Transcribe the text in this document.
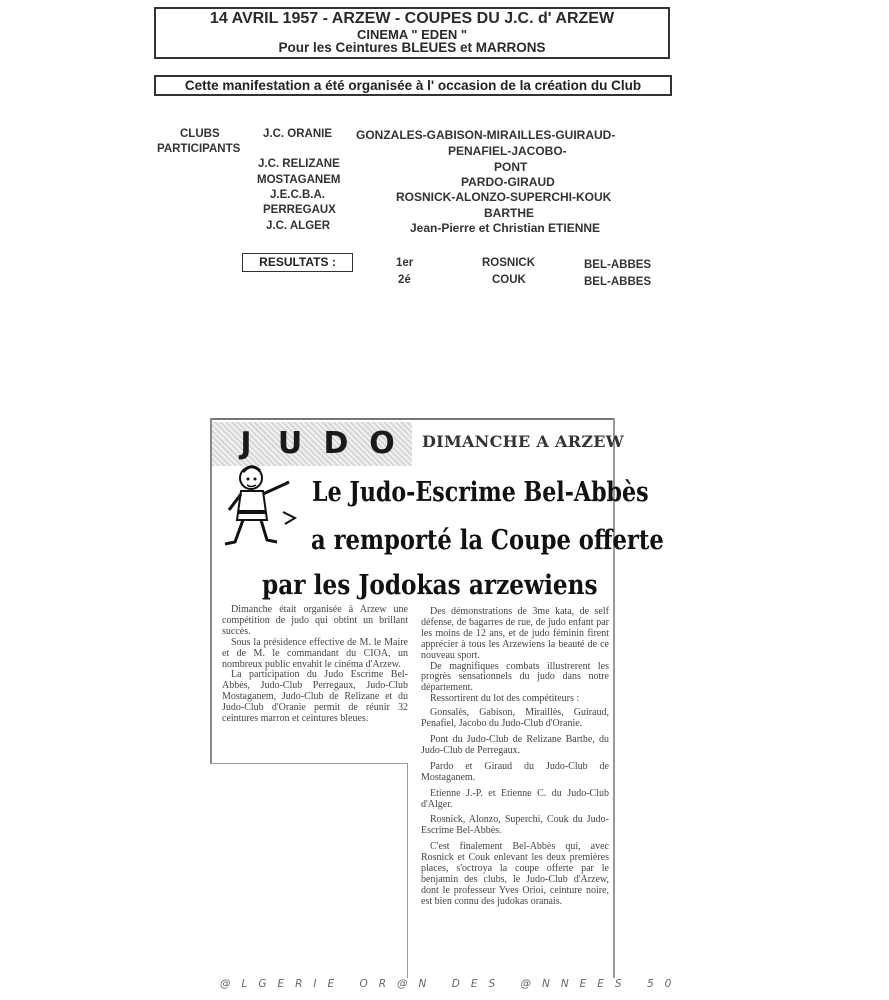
14 AVRIL 1957 - ARZEW - COUPES DU J.C. d' ARZEW
CINEMA " EDEN "
Pour les Ceintures BLEUES et MARRONS
Cette manifestation a été organisée à l' occasion de la création du Club
CLUBS
PARTICIPANTS
J.C. ORANIE GONZALES-GABISON-MIRAILLES-GUIRAUD-
PENAFIEL-JACOBO-
J.C. RELIZANE	PONT
MOSTAGANEM	PARDO-GIRAUD
J.E.C.B.A.	ROSNICK-ALONZO-SUPERCHI-KOUK
PERREGAUX	BARTHE
J.C. ALGER	Jean-Pierre et Christian ETIENNE
RESULTATS :	1er	ROSNICK	BEL-ABBES
2é	COUK	BEL-ABBES
J U D O	DIMANCHE A ARZEW
Le Judo-Escrime Bel-Abbès
a remporté la Coupe offerte
par les Jodokas arzewiens

Dimanche était organisée à Arzew une compétition de judo qui obtint un brillant succès.

Sous la présidence effective de M. le Maire et de M. le commandant du CIOA, un nombreux public envahit le cinéma d'Arzew.

La participation du Judo Escrime Bel-Abbès, Judo-Club Perregaux, Judo-Club Mostaganem, Judo-Club de Relizane et du Judo-Club d'Oranie permit de réunir 32 ceintures marron et ceintures bleues.

Des démonstrations de 3me kata, de self défense, de bagarres de rue, de judo enfant par les moins de 12 ans, et de judo féminin firent apprécier à tous les Arzewiens la beauté de ce nouveau sport.

De magnifiques combats illustrerent les progrès sensationnels du judo dans notre département.

Ressortirent du lot des compétiteurs :

Gonsalès, Gabison, Miraillès, Guiraud, Penafiel, Jacobo du Judo-Club d'Oranie.

Pont du Judo-Club de Relizane Barthe, du Judo-Club de Perregaux.

Pardo et Giraud du Judo-Club de Mostaganem.

Etienne J.-P. et Etienne C. du Judo-Club d'Alger.

Rosnick, Alonzo, Superchi, Couk du Judo-Escrime Bel-Abbès.

C'est finalement Bel-Abbès qui, avec Rosnick et Couk enlevant les deux premières places, s'octroya la coupe offerte par le benjamin des clubs, le Judo-Club d'Arzew, dont le professeur Yves Orioi, ceinture noire, est bien connu des judokas oranais.

@LGERIE OR@N DES @NNEES 50
